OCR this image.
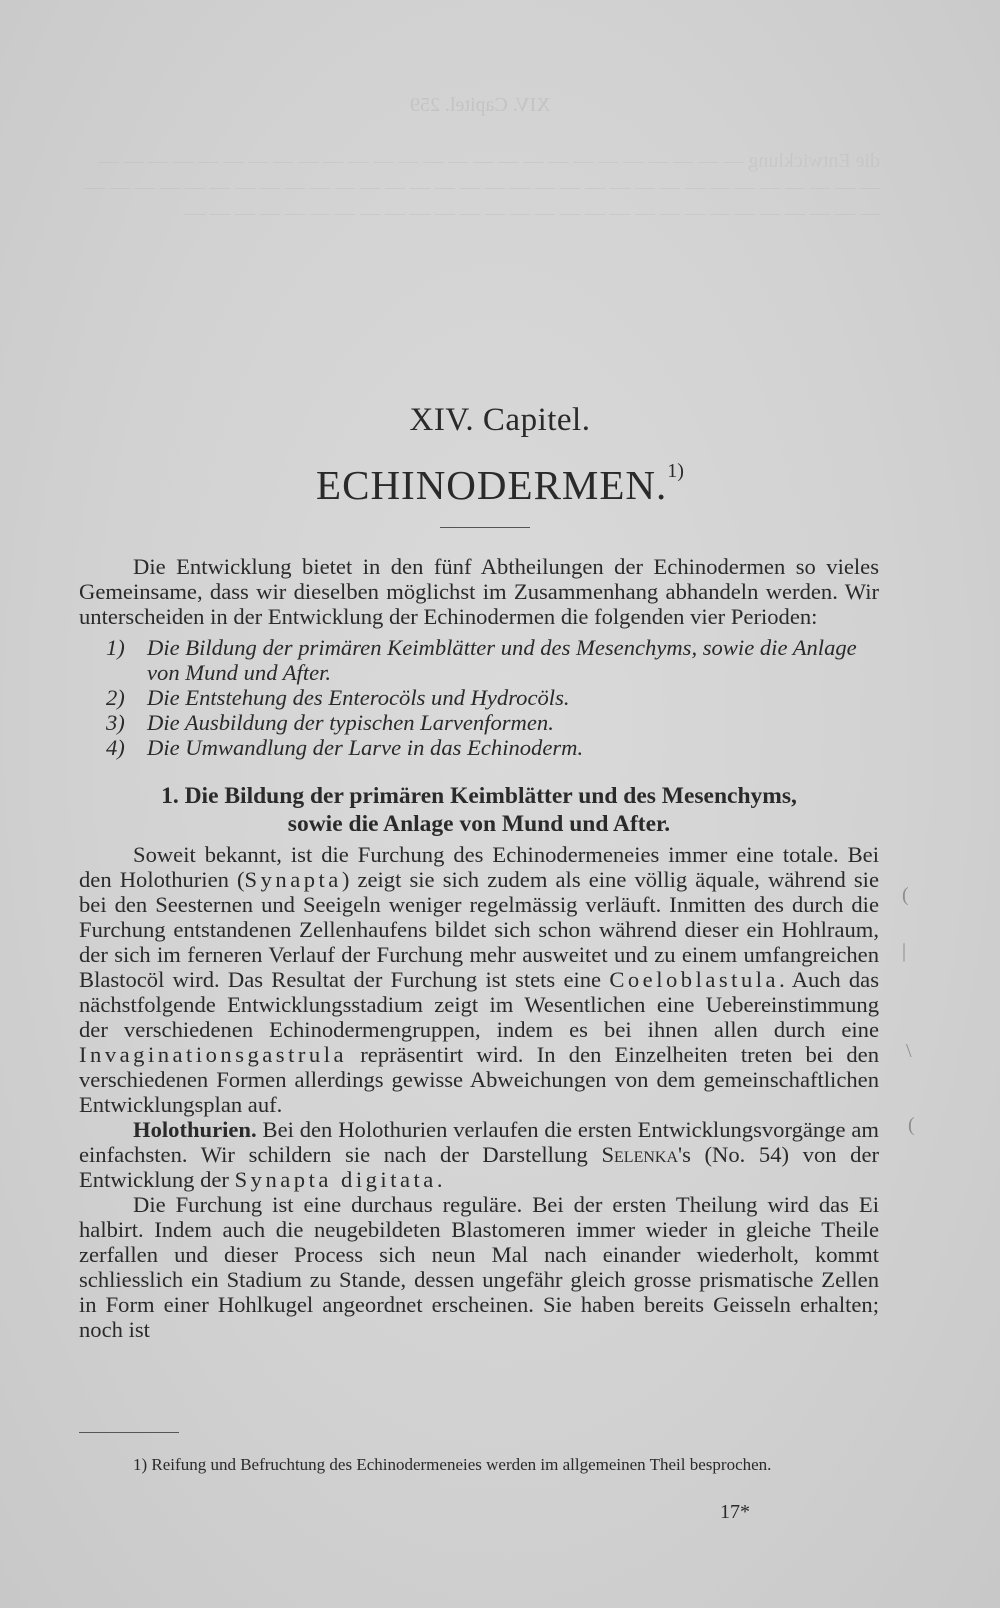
XIV. Capitel. 259
die Entwicklung — — — — — — — — — — — — — — — — — — — — — — — — — — — — — — — — — — — — — — — — — — — — — — — — — — — — — — — — — — — — — — — — — — — — — — — — — — — — — — — — — — — — — —
XIV. Capitel.
ECHINODERMEN.$^{1)}$

Die Entwicklung bietet in den fünf Abtheilungen der Echinodermen so vieles Gemeinsame, dass wir dieselben möglichst im Zusammenhang abhandeln werden. Wir unterscheiden in der Entwicklung der Echinodermen die folgenden vier Perioden:

1) Die Bildung der primären Keimblätter und des Mesenchyms, sowie die Anlage von Mund und After.
2) Die Entstehung des Enterocöls und Hydrocöls.
3) Die Ausbildung der typischen Larvenformen.
4) Die Umwandlung der Larve in das Echinoderm.

1. Die Bildung der primären Keimblätter und des Mesenchyms,
sowie die Anlage von Mund und After.

Soweit bekannt, ist die Furchung des Echinodermeneies immer eine totale. Bei den Holothurien (Synapta) zeigt sie sich zudem als eine völlig äquale, während sie bei den Seesternen und Seeigeln weniger regelmässig verläuft. Inmitten des durch die Furchung entstandenen Zellenhaufens bildet sich schon während dieser ein Hohlraum, der sich im ferneren Verlauf der Furchung mehr ausweitet und zu einem umfangreichen Blastocöl wird. Das Resultat der Furchung ist stets eine Coeloblastula. Auch das nächstfolgende Entwicklungsstadium zeigt im Wesentlichen eine Uebereinstimmung der verschiedenen Echinodermengruppen, indem es bei ihnen allen durch eine Invaginationsgastrula repräsentirt wird. In den Einzelheiten treten bei den verschiedenen Formen allerdings gewisse Abweichungen von dem gemeinschaftlichen Entwicklungsplan auf.

Holothurien. Bei den Holothurien verlaufen die ersten Entwicklungsvorgänge am einfachsten. Wir schildern sie nach der Darstellung Selenka's (No. 54) von der Entwicklung der Synapta digitata.

Die Furchung ist eine durchaus reguläre. Bei der ersten Theilung wird das Ei halbirt. Indem auch die neugebildeten Blastomeren immer wieder in gleiche Theile zerfallen und dieser Process sich neun Mal nach einander wiederholt, kommt schliesslich ein Stadium zu Stande, dessen ungefähr gleich grosse prismatische Zellen in Form einer Hohlkugel angeordnet erscheinen. Sie haben bereits Geisseln erhalten; noch ist

1) Reifung und Befruchtung des Echinodermeneies werden im allgemeinen Theil besprochen.

17*
(
|
\
(
